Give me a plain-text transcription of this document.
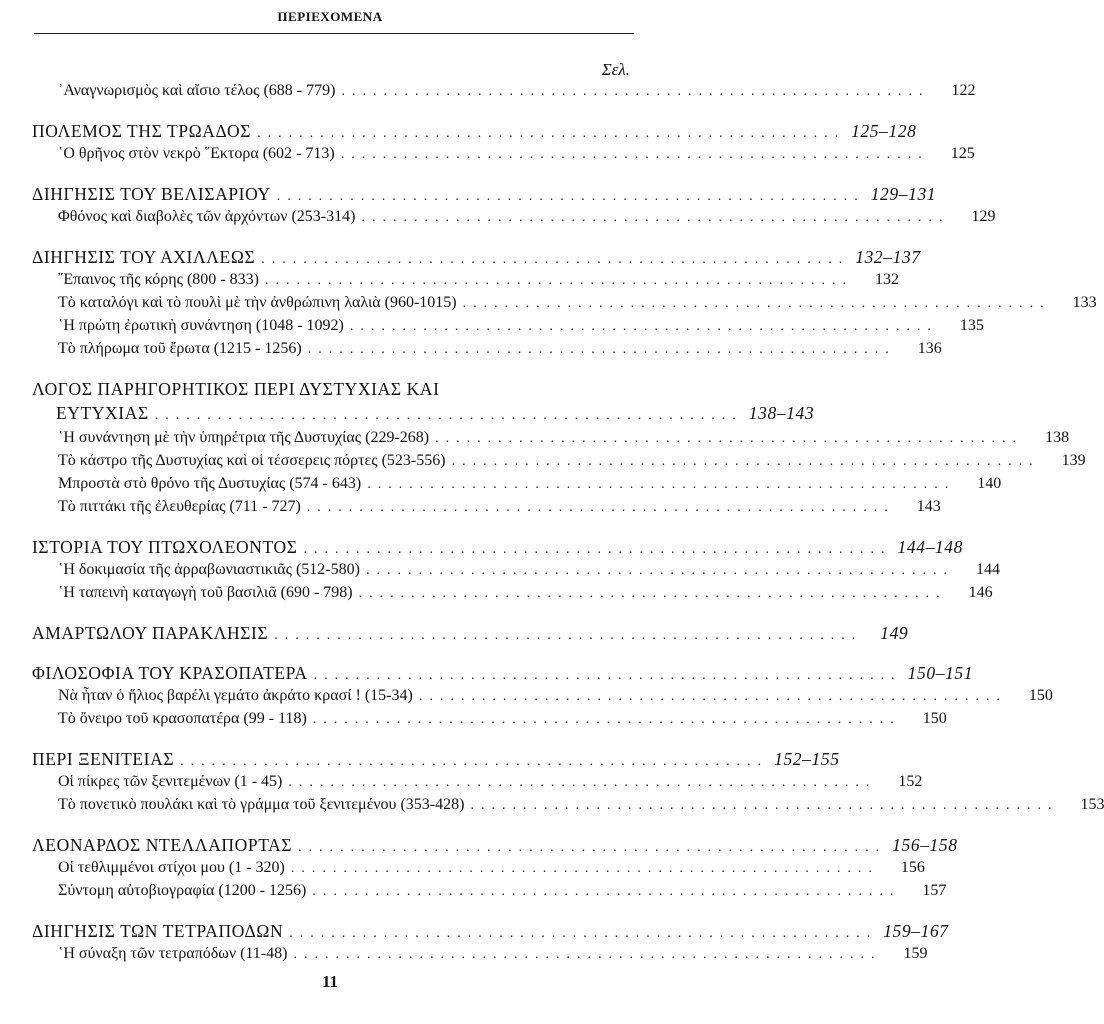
ΠΕΡΙΕΧΟΜΕΝΑ
Σελ.
᾿Αναγνωρισμὸς καὶ αἴσιο τέλος (688 - 779) ........................................................	122
ΠΟΛΕΜΟΣ ΤΗΣ ΤΡΩΑΔΟΣ ........................................................ 125–128
῾Ο θρῆνος στὸν νεκρὸ ῞Εκτορα (602 - 713) ........................................................	125
ΔΙΗΓΗΣΙΣ ΤΟΥ ΒΕΛΙΣΑΡΙΟΥ ........................................................ 129–131
Φθόνος καὶ διαβολὲς τῶν ἀρχόντων (253-314) ........................................................	129
ΔΙΗΓΗΣΙΣ ΤΟΥ ΑΧΙΛΛΕΩΣ ........................................................ 132–137
῎Επαινος τῆς κόρης (800 - 833) ........................................................	132
Τὸ καταλόγι καὶ τὸ πουλὶ μὲ τὴν ἀνθρώπινη λαλιὰ (960-1015) ........................................................	133
῾Η πρώτη ἐρωτικὴ συνάντηση (1048 - 1092) ........................................................	135
Τὸ πλήρωμα τοῦ ἔρωτα (1215 - 1256) ........................................................	136
ΛΟΓΟΣ ΠΑΡΗΓΟΡΗΤΙΚΟΣ ΠΕΡΙ ΔΥΣΤΥΧΙΑΣ ΚΑΙ
ΕΥΤΥΧΙΑΣ ........................................................ 138–143
῾Η συνάντηση μὲ τὴν ὑπηρέτρια τῆς Δυστυχίας (229-268) ........................................................	138
Τὸ κάστρο τῆς Δυστυχίας καὶ οἱ τέσσερεις πόρτες (523-556) ........................................................	139
Μπροστὰ στὸ θρόνο τῆς Δυστυχίας (574 - 643) ........................................................	140
Τὸ πιττάκι τῆς ἐλευθερίας (711 - 727) ........................................................	143
ΙΣΤΟΡΙΑ ΤΟΥ ΠΤΩΧΟΛΕΟΝΤΟΣ ........................................................ 144–148
῾Η δοκιμασία τῆς ἀρραβωνιαστικιᾶς (512-580) ........................................................	144
῾Η ταπεινὴ καταγωγὴ τοῦ βασιλιᾶ (690 - 798) ........................................................	146
ΑΜΑΡΤΩΛΟΥ ΠΑΡΑΚΛΗΣΙΣ ........................................................	149
ΦΙΛΟΣΟΦΙΑ ΤΟΥ ΚΡΑΣΟΠΑΤΕΡΑ ........................................................ 150–151
Νὰ ἦταν ὁ ἥλιος βαρέλι γεμάτο ἀκράτο κρασί ! (15-34) ........................................................	150
Τὸ ὄνειρο τοῦ κρασοπατέρα (99 - 118) ........................................................	150
ΠΕΡΙ ΞΕΝΙΤΕΙΑΣ ........................................................ 152–155
Οἱ πίκρες τῶν ξενιτεμένων (1 - 45) ........................................................	152
Τὸ πονετικὸ πουλάκι καὶ τὸ γράμμα τοῦ ξενιτεμένου (353-428) ........................................................	153
ΛΕΟΝΑΡΔΟΣ ΝΤΕΛΛΑΠΟΡΤΑΣ ........................................................ 156–158
Οἱ τεθλιμμένοι στίχοι μου (1 - 320) ........................................................	156
Σύντομη αὐτοβιογραφία (1200 - 1256) ........................................................	157
ΔΙΗΓΗΣΙΣ ΤΩΝ ΤΕΤΡΑΠΟΔΩΝ ........................................................ 159–167
῾Η σύναξη τῶν τετραπόδων (11-48) ........................................................	159
11
